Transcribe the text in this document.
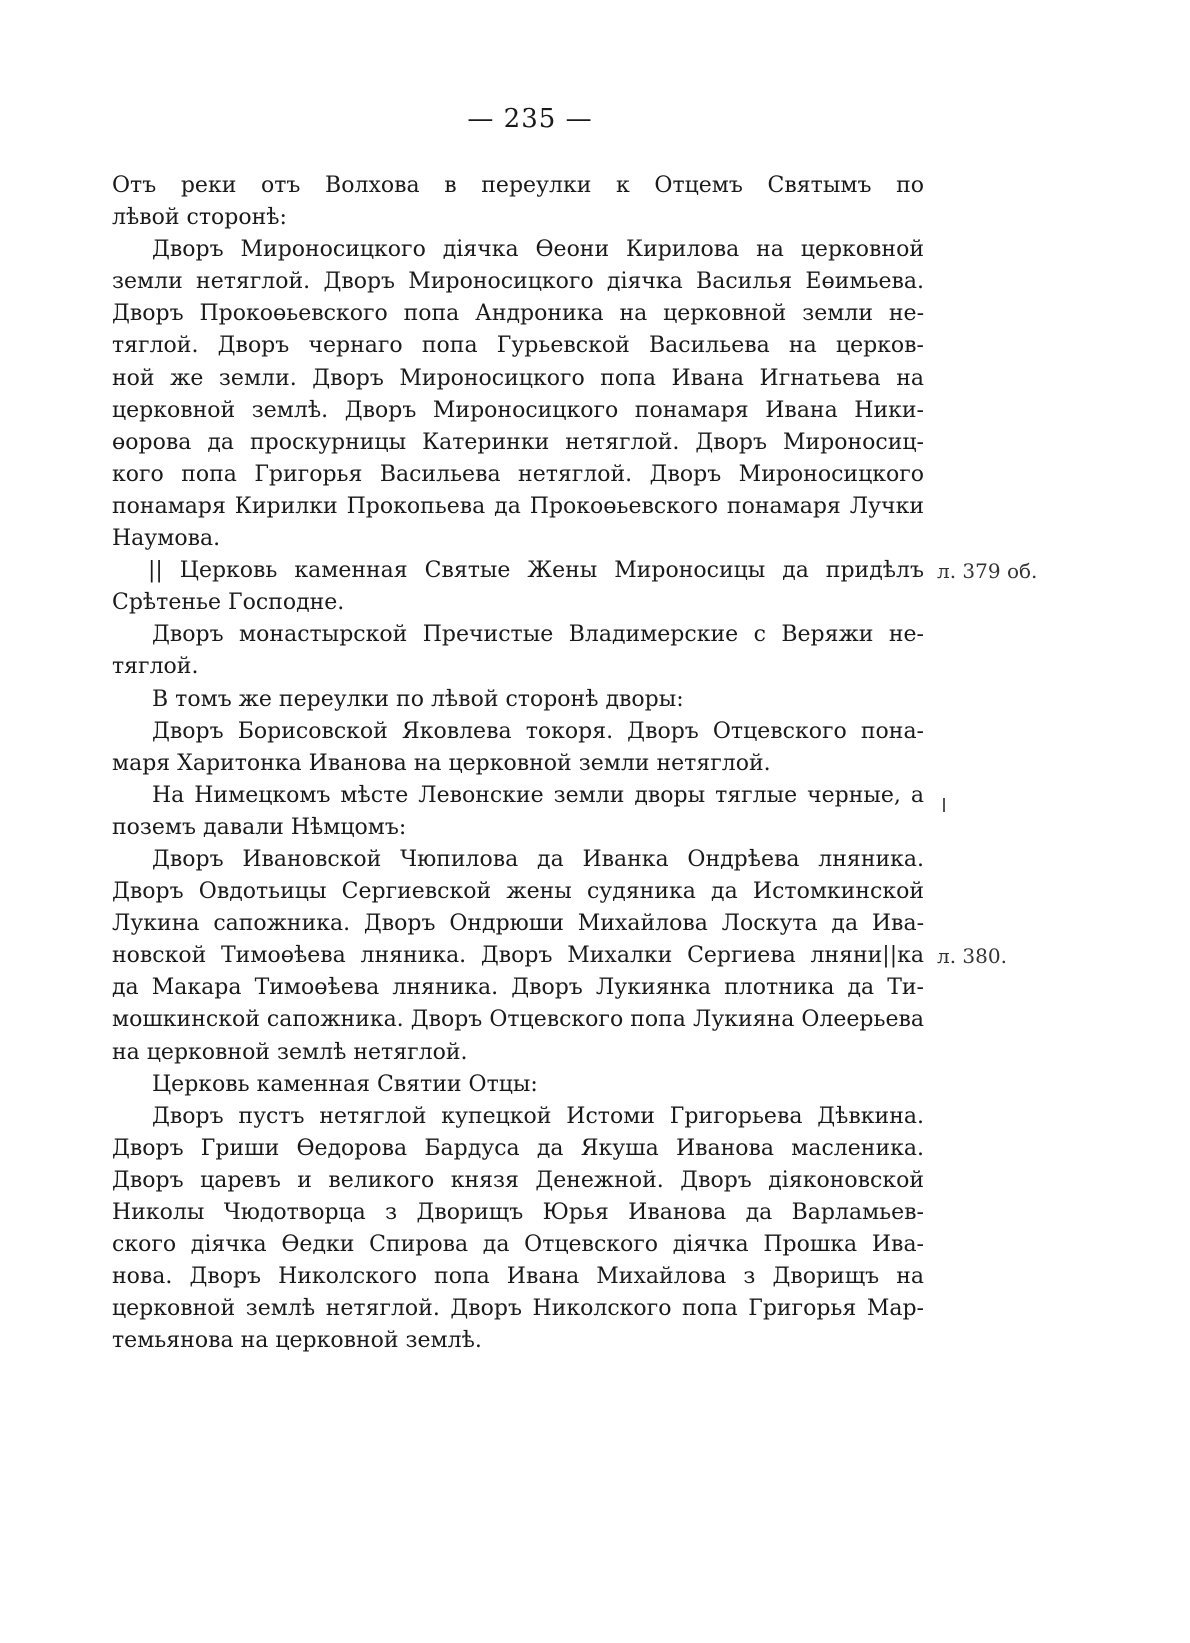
— 235 —
Отъ реки отъ Волхова в переулки к Отцемъ Святымъ по
лѣвой сторонѣ:
Дворъ Мироносицкого діячка Өеони Кирилова на церковной
земли нетяглой. Дворъ Мироносицкого діячка Василья Еөимьева.
Дворъ Прокоөьевского попа Андроника на церковной земли не-
тяглой. Дворъ чернаго попа Гурьевской Васильева на церков-
ной же земли. Дворъ Мироносицкого попа Ивана Игнатьева на
церковной землѣ. Дворъ Мироносицкого понамаря Ивана Ники-
өорова да проскурницы Катеринки нетяглой. Дворъ Мироносиц-
кого попа Григорья Васильева нетяглой. Дворъ Мироносицкого
понамаря Кирилки Прокопьева да Прокоөьевского понамаря Лучки
Наумова.
|| Церковь каменная Святые Жены Мироносицы да придѣлъ
Срѣтенье Господне.
Дворъ монастырской Пречистые Владимерские с Веряжи не-
тяглой.
В томъ же переулки по лѣвой сторонѣ дворы:
Дворъ Борисовской Яковлева токоря. Дворъ Отцевского пона-
маря Харитонка Иванова на церковной земли нетяглой.
На Нимецкомъ мѣсте Левонские земли дворы тяглые черные, а
поземъ давали Нѣмцомъ:
Дворъ Ивановской Чюпилова да Иванка Ондрѣева лняника.
Дворъ Овдотьицы Сергиевской жены судяника да Истомкинской
Лукина сапожника. Дворъ Ондрюши Михайлова Лоскута да Ива-
новской Тимоөѣева лняника. Дворъ Михалки Сергиева лняни||ка
да Макара Тимоөѣева лняника. Дворъ Лукиянка плотника да Ти-
мошкинской сапожника. Дворъ Отцевского попа Лукияна Олеерьева
на церковной землѣ нетяглой.
Церковь каменная Святии Отцы:
Дворъ пустъ нетяглой купецкой Истоми Григорьева Дѣвкина.
Дворъ Гриши Өедорова Бардуса да Якуша Иванова масленика.
Дворъ царевъ и великого князя Денежной. Дворъ діяконовской
Николы Чюдотворца з Дворищъ Юрья Иванова да Варламьев-
ского діячка Өедки Спирова да Отцевского діячка Прошка Ива-
нова. Дворъ Николского попа Ивана Михайлова з Дворищъ на
церковной землѣ нетяглой. Дворъ Николского попа Григорья Мар-
темьянова на церковной землѣ.
л. 379 об.
л. 380.
